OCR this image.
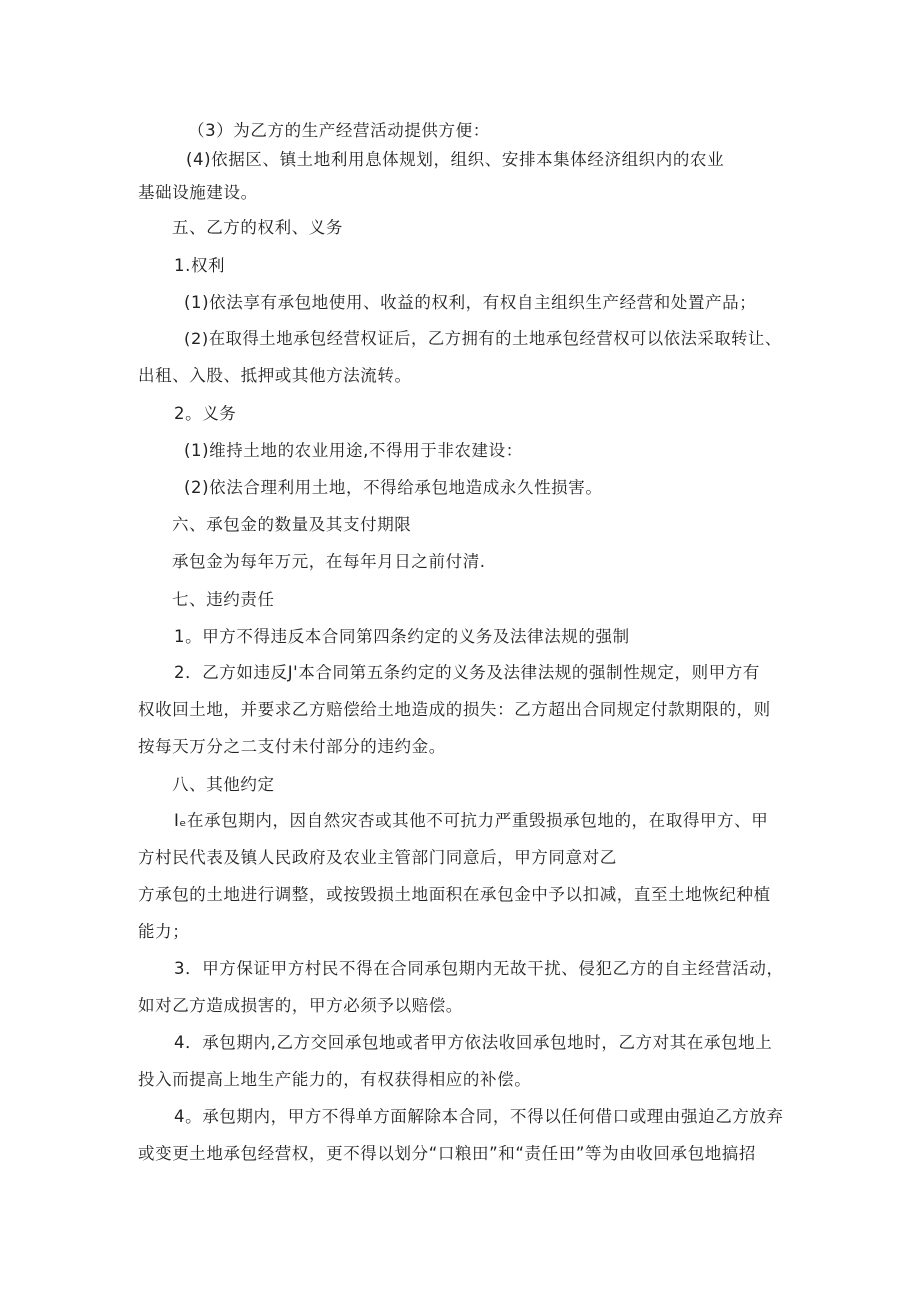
（3）为乙方的生产经营活动提供方便：
(4)依据区、镇土地利用息体规划，组织、安排本集体经济组织内的农业
基础设施建设。
五、乙方的权利、义务
1.权利
(1)依法享有承包地使用、收益的权利，有权自主组织生产经营和处置产品；
(2)在取得土地承包经营权证后，乙方拥有的土地承包经营权可以依法采取转让、
出租、入股、抵押或其他方法流转。
2。义务
(1)维持土地的农业用途,不得用于非农建设：
(2)依法合理利用土地，不得给承包地造成永久性损害。
六、承包金的数量及其支付期限
承包金为每年万元，在每年月日之前付清.
七、违约责任
1。甲方不得违反本合同第四条约定的义务及法律法规的强制
2．乙方如违反J'本合同第五条约定的义务及法律法规的强制性规定，则甲方有
权收回土地，并要求乙方赔偿给土地造成的损失：乙方超出合同规定付款期限的，则
按每天万分之二支付未付部分的违约金。
八、其他约定
Iₑ在承包期内，因自然灾杏或其他不可抗力严重毁损承包地的，在取得甲方、甲
方村民代表及镇人民政府及农业主管部门同意后，甲方同意对乙
方承包的土地进行调整，或按毁损土地面积在承包金中予以扣减，直至土地恢纪种植
能力；
3．甲方保证甲方村民不得在合同承包期内无故干扰、侵犯乙方的自主经营活动，
如对乙方造成损害的，甲方必须予以赔偿。
4．承包期内,乙方交回承包地或者甲方依法收回承包地时，乙方对其在承包地上
投入而提高上地生产能力的，有权获得相应的补偿。
4。承包期内，甲方不得单方面解除本合同，不得以任何借口或理由强迫乙方放弃
或变更土地承包经营权，更不得以划分“口粮田”和“责任田”等为由收回承包地搞招
